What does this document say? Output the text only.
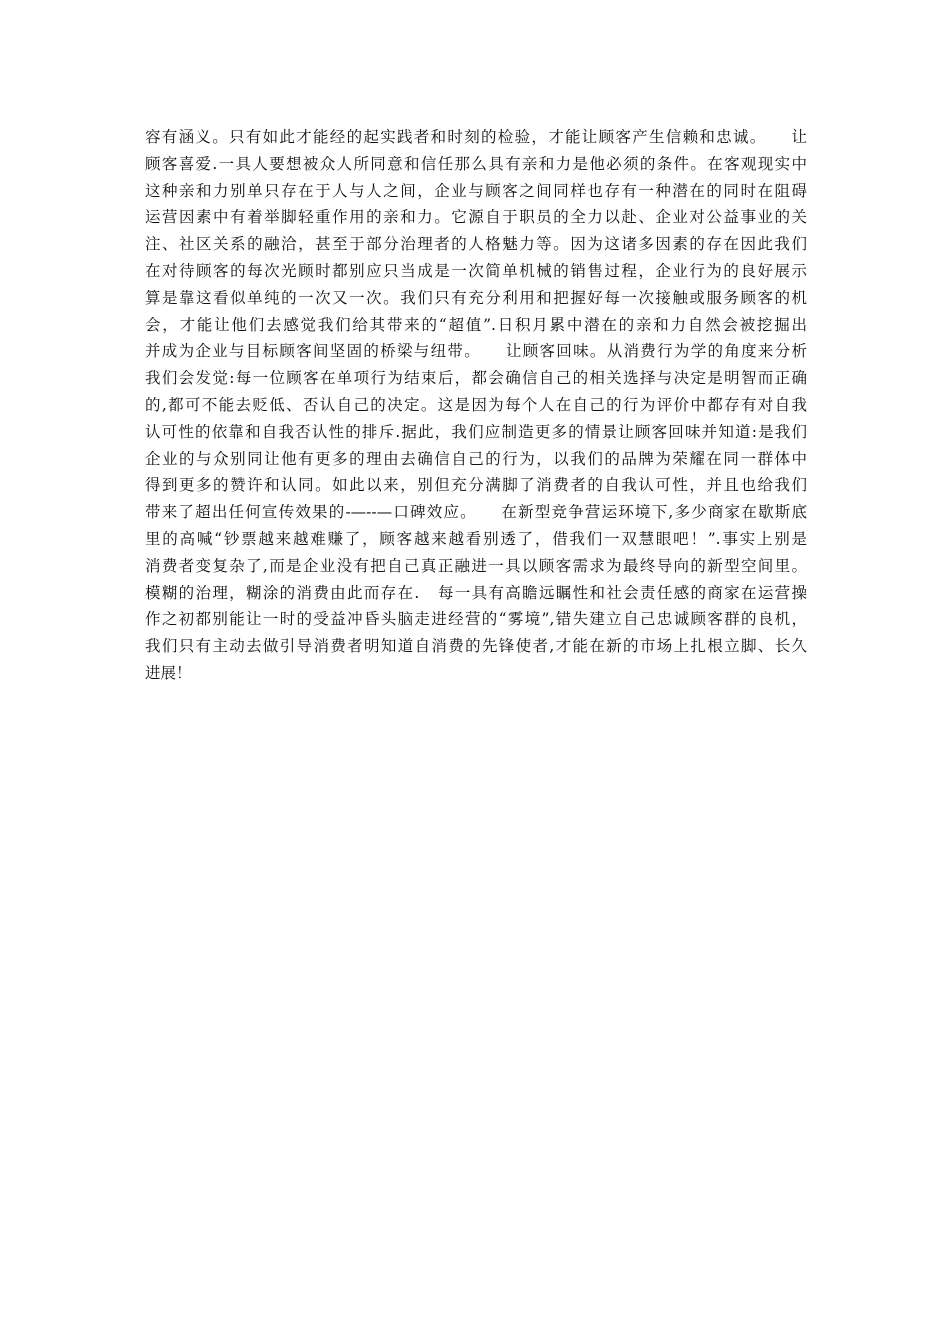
容有涵义。只有如此才能经的起实践者和时刻的检验，才能让顾客产生信赖和忠诚。    让
顾客喜爱.一具人要想被众人所同意和信任那么具有亲和力是他必须的条件。在客观现实中
这种亲和力别单只存在于人与人之间，企业与顾客之间同样也存有一种潜在的同时在阻碍
运营因素中有着举脚轻重作用的亲和力。它源自于职员的全力以赴、企业对公益事业的关
注、社区关系的融洽，甚至于部分治理者的人格魅力等。因为这诸多因素的存在因此我们
在对待顾客的每次光顾时都别应只当成是一次简单机械的销售过程，企业行为的良好展示
算是靠这看似单纯的一次又一次。我们只有充分利用和把握好每一次接触或服务顾客的机
会，才能让他们去感觉我们给其带来的“超值”.日积月累中潜在的亲和力自然会被挖掘出
并成为企业与目标顾客间坚固的桥梁与纽带。    让顾客回味。从消费行为学的角度来分析
我们会发觉:每一位顾客在单项行为结束后，都会确信自己的相关选择与决定是明智而正确
的,都可不能去贬低、否认自己的决定。这是因为每个人在自己的行为评价中都存有对自我
认可性的依靠和自我否认性的排斥.据此，我们应制造更多的情景让顾客回味并知道:是我们
企业的与众别同让他有更多的理由去确信自己的行为，以我们的品牌为荣耀在同一群体中
得到更多的赞许和认同。如此以来，别但充分满脚了消费者的自我认可性，并且也给我们
带来了超出任何宣传效果的-—--—口碑效应。    在新型竞争营运环境下,多少商家在歇斯底
里的高喊“钞票越来越难赚了，顾客越来越看别透了，借我们一双慧眼吧！”.事实上别是
消费者变复杂了,而是企业没有把自己真正融进一具以顾客需求为最终导向的新型空间里。
模糊的治理，糊涂的消费由此而存在.   每一具有高瞻远瞩性和社会责任感的商家在运营操
作之初都别能让一时的受益冲昏头脑走进经营的“雾境”,错失建立自己忠诚顾客群的良机，
我们只有主动去做引导消费者明知道自消费的先锋使者,才能在新的市场上扎根立脚、长久
进展！
